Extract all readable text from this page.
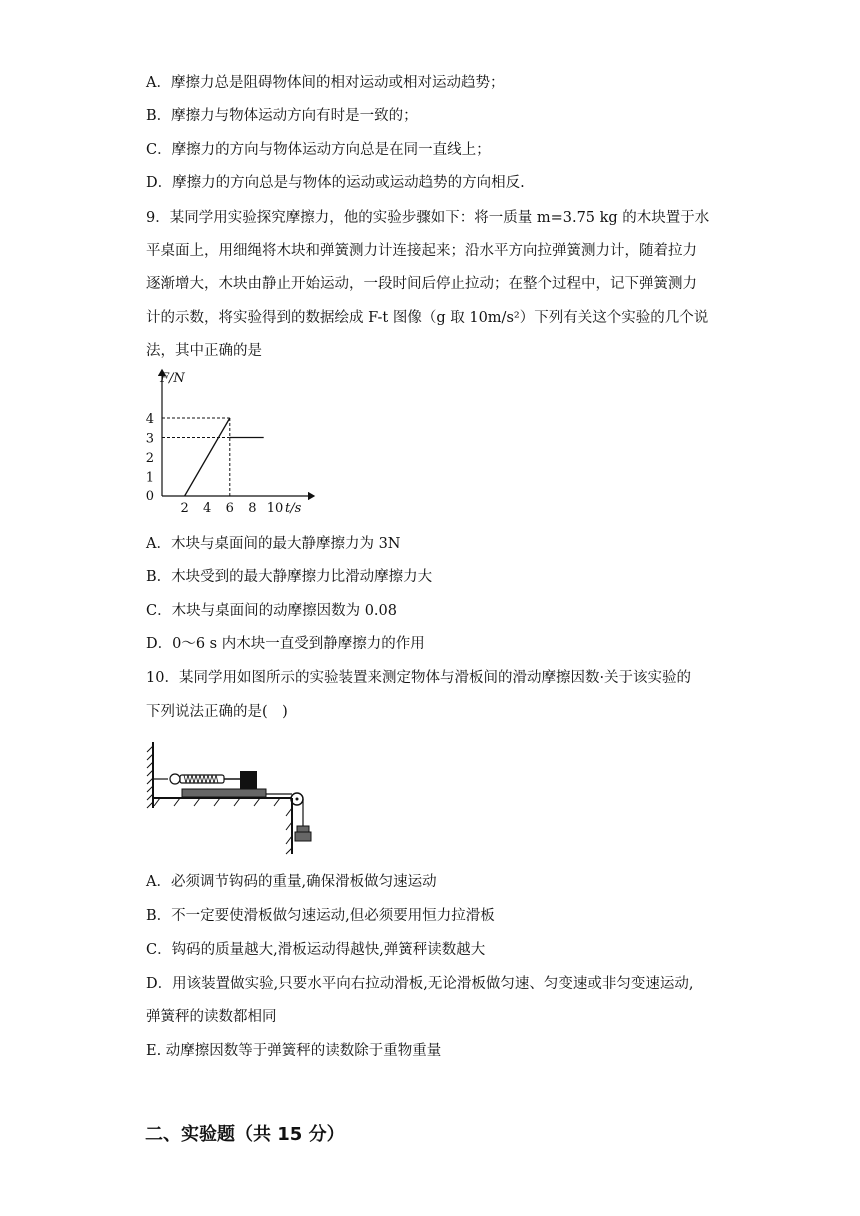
A．摩擦力总是阻碍物体间的相对运动或相对运动趋势；
B．摩擦力与物体运动方向有时是一致的；
C．摩擦力的方向与物体运动方向总是在同一直线上；
D．摩擦力的方向总是与物体的运动或运动趋势的方向相反.
9．某同学用实验探究摩擦力，他的实验步骤如下：将一质量 m=3.75 kg 的木块置于水
平桌面上，用细绳将木块和弹簧测力计连接起来；沿水平方向拉弹簧测力计，随着拉力
逐渐增大，木块由静止开始运动，一段时间后停止拉动；在整个过程中，记下弹簧测力
计的示数，将实验得到的数据绘成 F-t 图像（g 取 10m/s²）下列有关这个实验的几个说
法，其中正确的是
1
2
3
4
0
2 4 6 8 10
F/N
t/s
A．木块与桌面间的最大静摩擦力为 3N
B．木块受到的最大静摩擦力比滑动摩擦力大
C．木块与桌面间的动摩擦因数为 0.08
D．0～6 s 内木块一直受到静摩擦力的作用
10．某同学用如图所示的实验装置来测定物体与滑板间的滑动摩擦因数·关于该实验的
下列说法正确的是(　)
A．必须调节钩码的重量,确保滑板做匀速运动
B．不一定要使滑板做匀速运动,但必须要用恒力拉滑板
C．钩码的质量越大,滑板运动得越快,弹簧秤读数越大
D．用该装置做实验,只要水平向右拉动滑板,无论滑板做匀速、匀变速或非匀变速运动,
弹簧秤的读数都相同
E. 动摩擦因数等于弹簧秤的读数除于重物重量
二、实验题（共 15 分）
